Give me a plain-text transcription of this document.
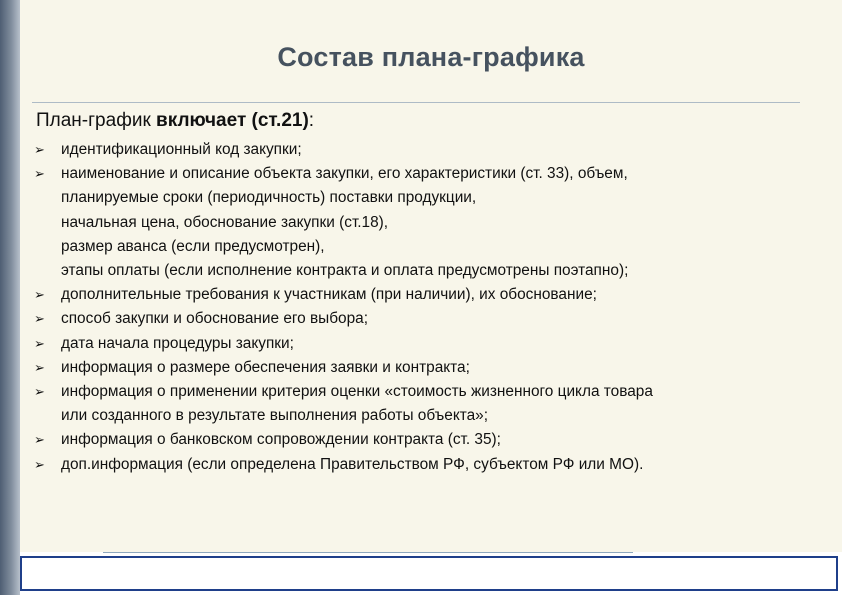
Состав плана-графика
План-график включает (ст.21):
➢ идентификационный код закупки;
➢ наименование и описание объекта закупки, его характеристики (ст. 33), объем,
планируемые сроки (периодичность) поставки продукции,
начальная цена, обоснование закупки (ст.18),
размер аванса (если предусмотрен),
этапы оплаты (если исполнение контракта и оплата предусмотрены поэтапно);
➢ дополнительные требования к участникам (при наличии), их обоснование;
➢ способ закупки и обоснование его выбора;
➢ дата начала процедуры закупки;
➢ информация о размере обеспечения заявки и контракта;
➢ информация о применении критерия оценки «стоимость жизненного цикла товара
или созданного в результате выполнения работы объекта»;
➢ информация о банковском сопровождении контракта (ст. 35);
➢ доп.информация (если определена Правительством РФ, субъектом РФ или МО).
